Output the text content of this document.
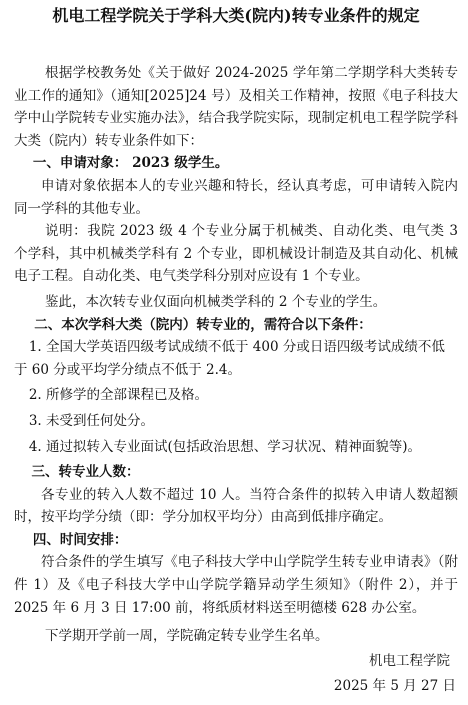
机电工程学院关于学科大类(院内)转专业条件的规定

根据学校教务处《关于做好 2024-2025 学年第二学期学科大类转专业工作的通知》（通知[2025]24 号）及相关工作精神，按照《电子科技大学中山学院转专业实施办法》，结合我学院实际，现制定机电工程学院学科大类（院内）转专业条件如下：

一、申请对象： 2023 级学生。

申请对象依据本人的专业兴趣和特长，经认真考虑，可申请转入院内同一学科的其他专业。

说明：我院 2023 级 4 个专业分属于机械类、自动化类、电气类 3 个学科，其中机械类学科有 2 个专业，即机械设计制造及其自动化、机械电子工程。自动化类、电气类学科分别对应设有 1 个专业。

鉴此，本次转专业仅面向机械类学科的 2 个专业的学生。

二、本次学科大类（院内）转专业的，需符合以下条件：

1. 全国大学英语四级考试成绩不低于 400 分或日语四级考试成绩不低于 60 分或平均学分绩点不低于 2.4。

2. 所修学的全部课程已及格。

3. 未受到任何处分。

4. 通过拟转入专业面试(包括政治思想、学习状况、精神面貌等)。

三、转专业人数：

各专业的转入人数不超过 10 人。当符合条件的拟转入申请人数超额时，按平均学分绩（即：学分加权平均分）由高到低排序确定。

四、时间安排：

符合条件的学生填写《电子科技大学中山学院学生转专业申请表》（附件 1）及《电子科技大学中山学院学籍异动学生须知》（附件 2），并于 2025 年 6 月 3 日 17:00 前，将纸质材料送至明德楼 628 办公室。

下学期开学前一周，学院确定转专业学生名单。

机电工程学院
2025 年 5 月 27 日
